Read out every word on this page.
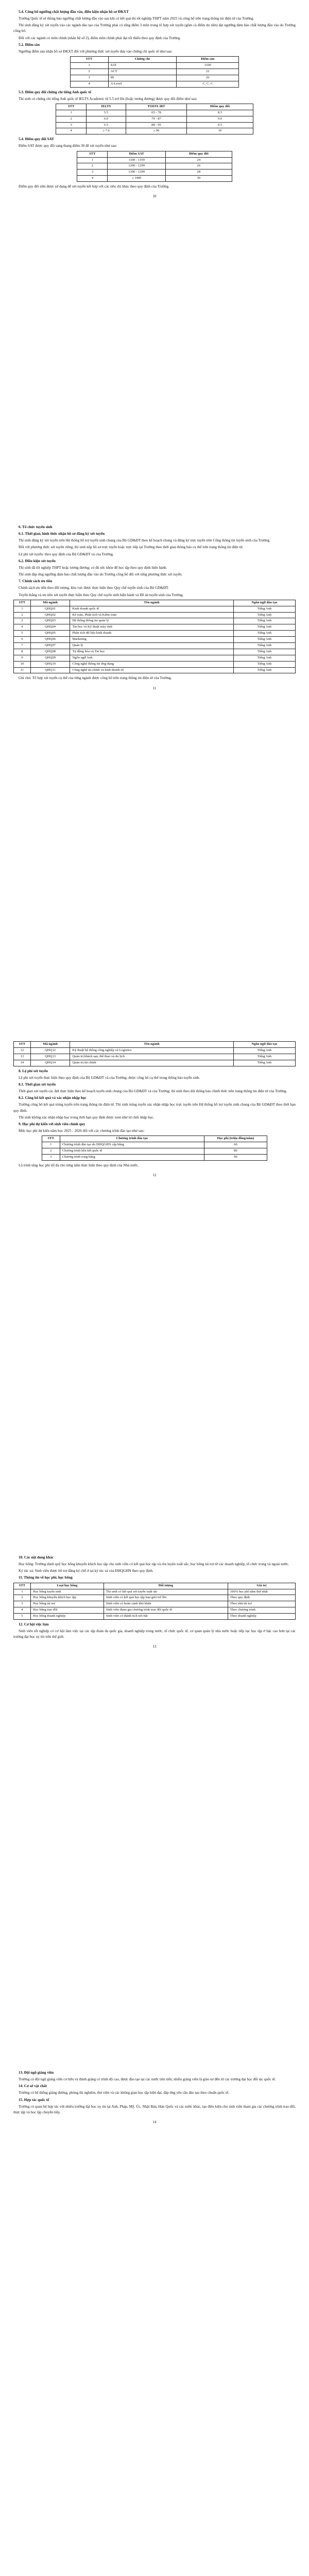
5.4. Công bố ngưỡng chất lượng đầu vào, điều kiện nhận hồ sơ ĐKXT

Trường Quốc tế sẽ thông báo ngưỡng chất lượng đầu vào sau khi có kết quả thi tốt nghiệp THPT năm 2025 và công bố trên trang thông tin điện tử của Trường.

Thí sinh đăng ký xét tuyển vào các ngành đào tạo của Trường phải có tổng điểm 3 môn trong tổ hợp xét tuyển (gồm cả điểm ưu tiên) đạt ngưỡng đảm bảo chất lượng đầu vào do Trường công bố.

Đối với các ngành có môn chính (nhân hệ số 2), điểm môn chính phải đạt tối thiểu theo quy định của Trường.

5.2. Điểm sàn

Ngưỡng điểm sàn nhận hồ sơ ĐKXT đối với phương thức xét tuyển dựa vào chứng chỉ quốc tế như sau:

STT	Chứng chỉ	Điểm sàn
1	SAT	1100
2	ACT	22
3	IB	26
4	A-Level	C, C, C

5.3. Điểm quy đổi chứng chỉ tiếng Anh quốc tế

Thí sinh có chứng chỉ tiếng Anh quốc tế IELTS Academic từ 5.5 trở lên (hoặc tương đương) được quy đổi điểm như sau:

STT	IELTS	TOEFL iBT	Điểm quy đổi
1	5.5	65 - 78	8.5
2	6.0	79 - 87	9.0
3	6.5	88 - 95	9.5
4	≥ 7.0	≥ 96	10

5.4. Điểm quy đổi SAT

Điểm SAT được quy đổi sang thang điểm 30 để xét tuyển như sau:

STT	Điểm SAT	Điểm quy đổi
1	1100 - 1199	24
2	1200 - 1299	26
3	1300 - 1399	28
4	≥ 1400	30

Điểm quy đổi trên được sử dụng để xét tuyển kết hợp với các tiêu chí khác theo quy định của Trường.

10

6. Tổ chức tuyển sinh

6.1. Thời gian, hình thức nhận hồ sơ đăng ký xét tuyển

Thí sinh đăng ký xét tuyển trên Hệ thống hỗ trợ tuyển sinh chung của Bộ GD&ĐT theo kế hoạch chung và đăng ký trực tuyến trên Cổng thông tin tuyển sinh của Trường.

Đối với phương thức xét tuyển riêng, thí sinh nộp hồ sơ trực tuyến hoặc trực tiếp tại Trường theo thời gian thông báo cụ thể trên trang thông tin điện tử.

Lệ phí xét tuyển: theo quy định của Bộ GD&ĐT và của Trường.

6.2. Điều kiện xét tuyển

Thí sinh đã tốt nghiệp THPT hoặc tương đương; có đủ sức khỏe để học tập theo quy định hiện hành.

Thí sinh đáp ứng ngưỡng đảm bảo chất lượng đầu vào do Trường công bố đối với từng phương thức xét tuyển.

7. Chính sách ưu tiên

Chính sách ưu tiên theo đối tượng, khu vực được thực hiện theo Quy chế tuyển sinh của Bộ GD&ĐT.

Tuyển thẳng và ưu tiên xét tuyển thực hiện theo Quy chế tuyển sinh hiện hành và Đề án tuyển sinh của Trường.

STT	Mã ngành	Tên ngành	Ngôn ngữ đào tạo
1	QHQ01	Kinh doanh quốc tế	Tiếng Anh
2	QHQ02	Kế toán, Phân tích và Kiểm toán	Tiếng Anh
3	QHQ03	Hệ thống thông tin quản lý	Tiếng Anh
4	QHQ04	Tin học và Kỹ thuật máy tính	Tiếng Anh
5	QHQ05	Phân tích dữ liệu kinh doanh	Tiếng Anh
6	QHQ06	Marketing	Tiếng Anh
7	QHQ07	Quản lý	Tiếng Anh
8	QHQ08	Tự động hóa và Tin học	Tiếng Anh
9	QHQ09	Ngôn ngữ Anh	Tiếng Anh
10	QHQ10	Công nghệ thông tin ứng dụng	Tiếng Anh
11	QHQ11	Công nghệ tài chính và kinh doanh số	Tiếng Anh

Ghi chú: Tổ hợp xét tuyển cụ thể của từng ngành được công bố trên trang thông tin điện tử của Trường.

11
STT	Mã ngành	Tên ngành	Ngôn ngữ đào tạo
12	QHQ12	Kỹ thuật hệ thống công nghiệp và Logistics	Tiếng Anh
13	QHQ13	Quản trị khách sạn, thể thao và du lịch	Tiếng Anh
14	QHQ14	Quản trị tài chính	Tiếng Anh

8. Lệ phí xét tuyển

Lệ phí xét tuyển thực hiện theo quy định của Bộ GD&ĐT và của Trường; được công bố cụ thể trong thông báo tuyển sinh.

8.1. Thời gian xét tuyển

Thời gian xét tuyển các đợt thực hiện theo kế hoạch tuyển sinh chung của Bộ GD&ĐT và của Trường; thí sinh theo dõi thông báo chính thức trên trang thông tin điện tử của Trường.

8.2. Công bố kết quả và xác nhận nhập học

Trường công bố kết quả trúng tuyển trên trang thông tin điện tử. Thí sinh trúng tuyển xác nhận nhập học trực tuyến trên Hệ thống hỗ trợ tuyển sinh chung của Bộ GD&ĐT theo thời hạn quy định.

Thí sinh không xác nhận nhập học trong thời hạn quy định được xem như từ chối nhập học.

9. Học phí dự kiến với sinh viên chính quy

Mức học phí dự kiến năm học 2025 - 2026 đối với các chương trình đào tạo như sau:

STT	Chương trình đào tạo	Học phí (triệu đồng/năm)
1	Chương trình đào tạo do ĐHQGHN cấp bằng	60
2	Chương trình liên kết quốc tế	80
3	Chương trình song bằng	90

Lộ trình tăng học phí tối đa cho từng năm thực hiện theo quy định của Nhà nước.

12

10. Các nội dung khác

Học bổng: Trường dành quỹ học bổng khuyến khích học tập cho sinh viên có kết quả học tập và rèn luyện xuất sắc; học bổng tài trợ từ các doanh nghiệp, tổ chức trong và ngoài nước.

Ký túc xá: Sinh viên được hỗ trợ đăng ký chỗ ở tại ký túc xá của ĐHQGHN theo quy định.

11. Thông tin về học phí, học bổng

STT	Loại học bổng	Đối tượng	Giá trị
1	Học bổng tuyển sinh	Thí sinh có kết quả xét tuyển xuất sắc	100% học phí năm thứ nhất
2	Học bổng khuyến khích học tập	Sinh viên có kết quả học tập loại giỏi trở lên	Theo quy định
3	Học bổng tài trợ	Sinh viên có hoàn cảnh khó khăn	Theo nhà tài trợ
4	Học bổng trao đổi	Sinh viên tham gia chương trình trao đổi quốc tế	Theo chương trình
5	Học bổng doanh nghiệp	Sinh viên có thành tích nổi bật	Theo doanh nghiệp

12. Cơ hội việc làm

Sinh viên tốt nghiệp có cơ hội làm việc tại các tập đoàn đa quốc gia, doanh nghiệp trong nước, tổ chức quốc tế, cơ quan quản lý nhà nước hoặc tiếp tục học tập ở bậc cao hơn tại các trường đại học uy tín trên thế giới.

13

13. Đội ngũ giảng viên

Trường có đội ngũ giảng viên cơ hữu và thỉnh giảng có trình độ cao, được đào tạo tại các nước tiên tiến; nhiều giảng viên là giáo sư đến từ các trường đại học đối tác quốc tế.

14. Cơ sở vật chất

Trường có hệ thống giảng đường, phòng thí nghiệm, thư viện và các không gian học tập hiện đại, đáp ứng yêu cầu đào tạo theo chuẩn quốc tế.

15. Hợp tác quốc tế

Trường có quan hệ hợp tác với nhiều trường đại học uy tín tại Anh, Pháp, Mỹ, Úc, Nhật Bản, Hàn Quốc và các nước khác, tạo điều kiện cho sinh viên tham gia các chương trình trao đổi, thực tập và học tập chuyển tiếp.

14
